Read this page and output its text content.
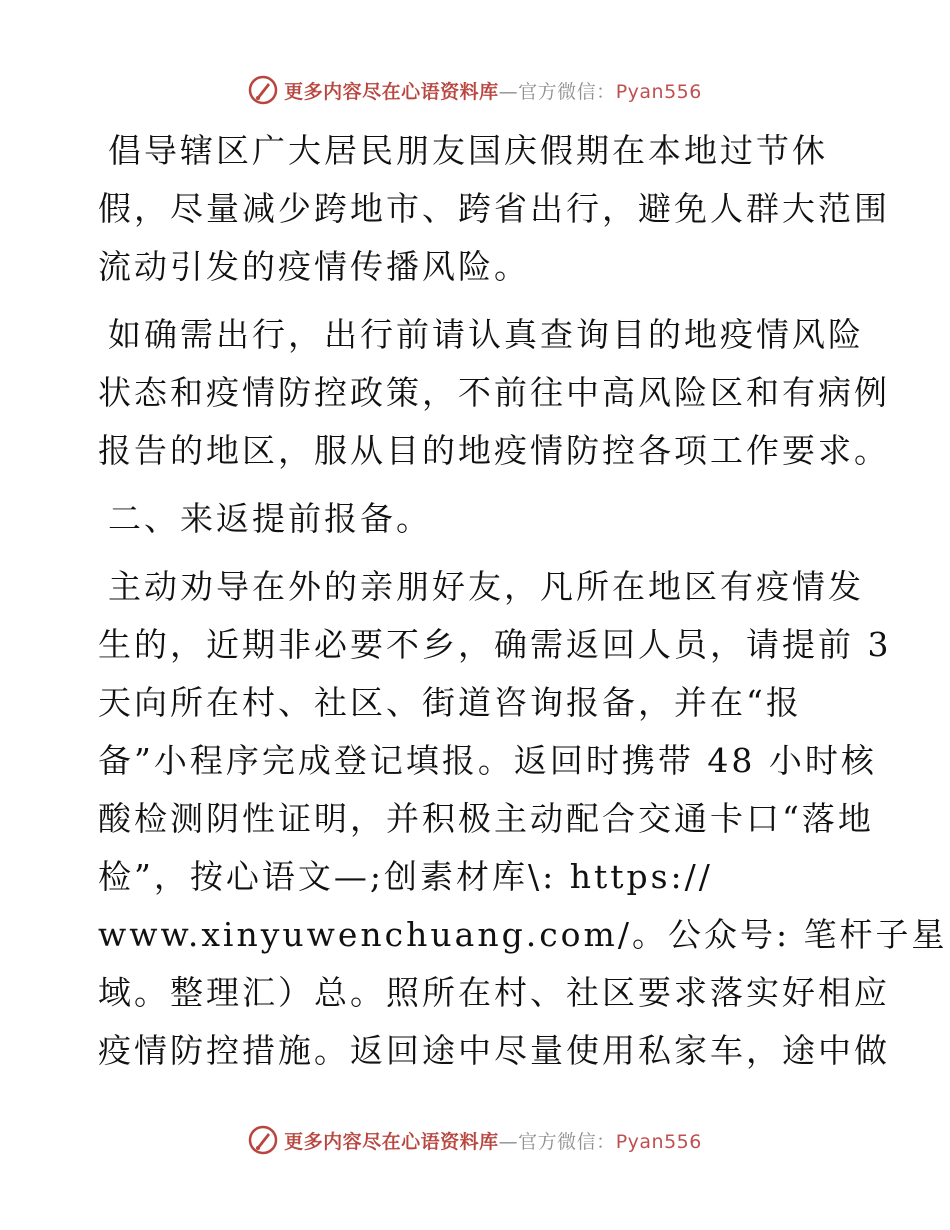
更多内容尽在心语资料库—官方微信：Pyan556

倡导辖区广大居民朋友国庆假期在本地过节休
假，尽量减少跨地市、跨省出行，避免人群大范围
流动引发的疫情传播风险。

如确需出行，出行前请认真查询目的地疫情风险
状态和疫情防控政策，不前往中高风险区和有病例
报告的地区，服从目的地疫情防控各项工作要求。

二、来返提前报备。

主动劝导在外的亲朋好友，凡所在地区有疫情发
生的，近期非必要不乡，确需返回人员，请提前 3
天向所在村、社区、街道咨询报备，并在“报
备”小程序完成登记填报。返回时携带 48 小时核
酸检测阴性证明，并积极主动配合交通卡口“落地
检”，按心语文—;创素材库\: https://
www.xinyuwenchuang.com/。公众号: 笔杆子星
域。整理汇）总。照所在村、社区要求落实好相应
疫情防控措施。返回途中尽量使用私家车，途中做

更多内容尽在心语资料库—官方微信：Pyan556
